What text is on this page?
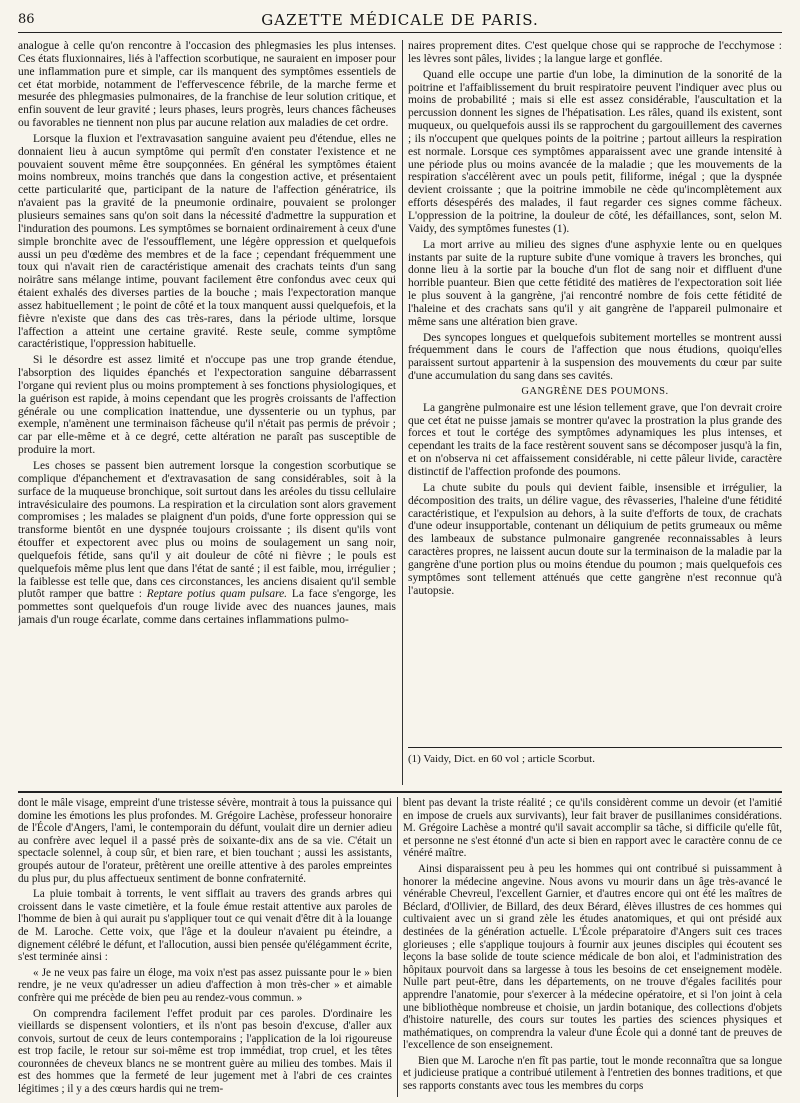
86	GAZETTE MÉDICALE DE PARIS.

analogue à celle qu'on rencontre à l'occasion des phlegmasies les plus intenses. Ces états fluxionnaires, liés à l'affection scorbutique, ne sauraient en imposer pour une inflammation pure et simple, car ils manquent des symptômes essentiels de cet état morbide, notamment de l'effervescence fébrile, de la marche ferme et mesurée des phlegmasies pulmonaires, de la franchise de leur solution critique, et enfin souvent de leur gravité ; leurs phases, leurs progrès, leurs chances fâcheuses ou favorables ne tiennent non plus par aucune relation aux maladies de cet ordre.

Lorsque la fluxion et l'extravasation sanguine avaient peu d'étendue, elles ne donnaient lieu à aucun symptôme qui permît d'en constater l'existence et ne pouvaient souvent même être soupçonnées. En général les symptômes étaient moins nombreux, moins tranchés que dans la congestion active, et présentaient cette particularité que, participant de la nature de l'affection génératrice, ils n'avaient pas la gravité de la pneumonie ordinaire, pouvaient se prolonger plusieurs semaines sans qu'on soit dans la nécessité d'admettre la suppuration et l'induration des poumons. Les symptômes se bornaient ordinairement à ceux d'une simple bronchite avec de l'essoufflement, une légère oppression et quelquefois aussi un peu d'œdème des membres et de la face ; cependant fréquemment une toux qui n'avait rien de caractéristique amenait des crachats teints d'un sang noirâtre sans mélange intime, pouvant facilement être confondus avec ceux qui étaient exhalés des diverses parties de la bouche ; mais l'expectoration manque assez habituellement ; le point de côté et la toux manquent aussi quelquefois, et la fièvre n'existe que dans des cas très-rares, dans la période ultime, lorsque l'affection a atteint une certaine gravité. Reste seule, comme symptôme caractéristique, l'oppression habituelle.

Si le désordre est assez limité et n'occupe pas une trop grande étendue, l'absorption des liquides épanchés et l'expectoration sanguine débarrassent l'organe qui revient plus ou moins promptement à ses fonctions physiologiques, et la guérison est rapide, à moins cependant que les progrès croissants de l'affection générale ou une complication inattendue, une dyssenterie ou un typhus, par exemple, n'amènent une terminaison fâcheuse qu'il n'était pas permis de prévoir ; car par elle-même et à ce degré, cette altération ne paraît pas susceptible de produire la mort.

Les choses se passent bien autrement lorsque la congestion scorbutique se complique d'épanchement et d'extravasation de sang considérables, soit à la surface de la muqueuse bronchique, soit surtout dans les aréoles du tissu cellulaire intravésiculaire des poumons. La respiration et la circulation sont alors gravement compromises ; les malades se plaignent d'un poids, d'une forte oppression qui se transforme bientôt en une dyspnée toujours croissante ; ils disent qu'ils vont étouffer et expectorent avec plus ou moins de soulagement un sang noir, quelquefois fétide, sans qu'il y ait douleur de côté ni fièvre ; le pouls est quelquefois même plus lent que dans l'état de santé ; il est faible, mou, irrégulier ; la faiblesse est telle que, dans ces circonstances, les anciens disaient qu'il semble plutôt ramper que battre : Reptare potius quam pulsare. La face s'engorge, les pommettes sont quelquefois d'un rouge livide avec des nuances jaunes, mais jamais d'un rouge écarlate, comme dans certaines inflammations pulmo-

naires proprement dites. C'est quelque chose qui se rapproche de l'ecchymose : les lèvres sont pâles, livides ; la langue large et gonflée.

Quand elle occupe une partie d'un lobe, la diminution de la sonorité de la poitrine et l'affaiblissement du bruit respiratoire peuvent l'indiquer avec plus ou moins de probabilité ; mais si elle est assez considérable, l'auscultation et la percussion donnent les signes de l'hépatisation. Les râles, quand ils existent, sont muqueux, ou quelquefois aussi ils se rapprochent du gargouillement des cavernes ; ils n'occupent que quelques points de la poitrine ; partout ailleurs la respiration est normale. Lorsque ces symptômes apparaissent avec une grande intensité à une période plus ou moins avancée de la maladie ; que les mouvements de la respiration s'accélèrent avec un pouls petit, filiforme, inégal ; que la dyspnée devient croissante ; que la poitrine immobile ne cède qu'incomplètement aux efforts désespérés des malades, il faut regarder ces signes comme fâcheux. L'oppression de la poitrine, la douleur de côté, les défaillances, sont, selon M. Vaidy, des symptômes funestes (1).

La mort arrive au milieu des signes d'une asphyxie lente ou en quelques instants par suite de la rupture subite d'une vomique à travers les bronches, qui donne lieu à la sortie par la bouche d'un flot de sang noir et diffluent d'une horrible puanteur. Bien que cette fétidité des matières de l'expectoration soit liée le plus souvent à la gangrène, j'ai rencontré nombre de fois cette fétidité de l'haleine et des crachats sans qu'il y ait gangrène de l'appareil pulmonaire et même sans une altération bien grave.

Des syncopes longues et quelquefois subitement mortelles se montrent aussi fréquemment dans le cours de l'affection que nous étudions, quoiqu'elles paraissent surtout appartenir à la suspension des mouvements du cœur par suite d'une accumulation du sang dans ses cavités.

GANGRÈNE DES POUMONS.

La gangrène pulmonaire est une lésion tellement grave, que l'on devrait croire que cet état ne puisse jamais se montrer qu'avec la prostration la plus grande des forces et tout le cortége des symptômes adynamiques les plus intenses, et cependant les traits de la face restèrent souvent sans se décomposer jusqu'à la fin, et on n'observa ni cet affaissement considérable, ni cette pâleur livide, caractère distinctif de l'affection profonde des poumons.

La chute subite du pouls qui devient faible, insensible et irrégulier, la décomposition des traits, un délire vague, des rêvasseries, l'haleine d'une fétidité caractéristique, et l'expulsion au dehors, à la suite d'efforts de toux, de crachats d'une odeur insupportable, contenant un déliquium de petits grumeaux ou même des lambeaux de substance pulmonaire gangrenée reconnaissables à leurs caractères propres, ne laissent aucun doute sur la terminaison de la maladie par la gangrène d'une portion plus ou moins étendue du poumon ; mais quelquefois ces symptômes sont tellement atténués que cette gangrène n'est reconnue qu'à l'autopsie.

(1) Vaidy, Dict. en 60 vol ; article Scorbut.

dont le mâle visage, empreint d'une tristesse sévère, montrait à tous la puissance qui domine les émotions les plus profondes. M. Grégoire Lachèse, professeur honoraire de l'École d'Angers, l'ami, le contemporain du défunt, voulait dire un dernier adieu au confrère avec lequel il a passé près de soixante-dix ans de sa vie. C'était un spectacle solennel, à coup sûr, et bien rare, et bien touchant ; aussi les assistants, groupés autour de l'orateur, prêtèrent une oreille attentive à des paroles empreintes du plus pur, du plus affectueux sentiment de bonne confraternité.

La pluie tombait à torrents, le vent sifflait au travers des grands arbres qui croissent dans le vaste cimetière, et la foule émue restait attentive aux paroles de l'homme de bien à qui aurait pu s'appliquer tout ce qui venait d'être dit à la louange de M. Laroche. Cette voix, que l'âge et la douleur n'avaient pu éteindre, a dignement célébré le défunt, et l'allocution, aussi bien pensée qu'élégamment écrite, s'est terminée ainsi :

« Je ne veux pas faire un éloge, ma voix n'est pas assez puissante pour le » bien rendre, je ne veux qu'adresser un adieu d'affection à mon très-cher » et aimable confrère qui me précède de bien peu au rendez-vous commun. »

On comprendra facilement l'effet produit par ces paroles. D'ordinaire les vieillards se dispensent volontiers, et ils n'ont pas besoin d'excuse, d'aller aux convois, surtout de ceux de leurs contemporains ; l'application de la loi rigoureuse est trop facile, le retour sur soi-même est trop immédiat, trop cruel, et les têtes couronnées de cheveux blancs ne se montrent guère au milieu des tombes. Mais il est des hommes que la fermeté de leur jugement met à l'abri de ces craintes légitimes ; il y a des cœurs hardis qui ne trem-

blent pas devant la triste réalité ; ce qu'ils considèrent comme un devoir (et l'amitié en impose de cruels aux survivants), leur fait braver de pusillanimes considérations. M. Grégoire Lachèse a montré qu'il savait accomplir sa tâche, si difficile qu'elle fût, et personne ne s'est étonné d'un acte si bien en rapport avec le caractère connu de ce vénéré maître.

Ainsi disparaissent peu à peu les hommes qui ont contribué si puissamment à honorer la médecine angevine. Nous avons vu mourir dans un âge très-avancé le vénérable Chevreul, l'excellent Garnier, et d'autres encore qui ont été les maîtres de Béclard, d'Ollivier, de Billard, des deux Bérard, élèves illustres de ces hommes qui cultivaient avec un si grand zèle les études anatomiques, et qui ont présidé aux destinées de la génération actuelle. L'École préparatoire d'Angers suit ces traces glorieuses ; elle s'applique toujours à fournir aux jeunes disciples qui écoutent ses leçons la base solide de toute science médicale de bon aloi, et l'administration des hôpitaux pourvoit dans sa largesse à tous les besoins de cet enseignement modèle. Nulle part peut-être, dans les départements, on ne trouve d'égales facilités pour apprendre l'anatomie, pour s'exercer à la médecine opératoire, et si l'on joint à cela une bibliothèque nombreuse et choisie, un jardin botanique, des collections d'objets d'histoire naturelle, des cours sur toutes les parties des sciences physiques et mathématiques, on comprendra la valeur d'une École qui a donné tant de preuves de l'excellence de son enseignement.

Bien que M. Laroche n'en fît pas partie, tout le monde reconnaîtra que sa longue et judicieuse pratique a contribué utilement à l'entretien des bonnes traditions, et que ses rapports constants avec tous les membres du corps
